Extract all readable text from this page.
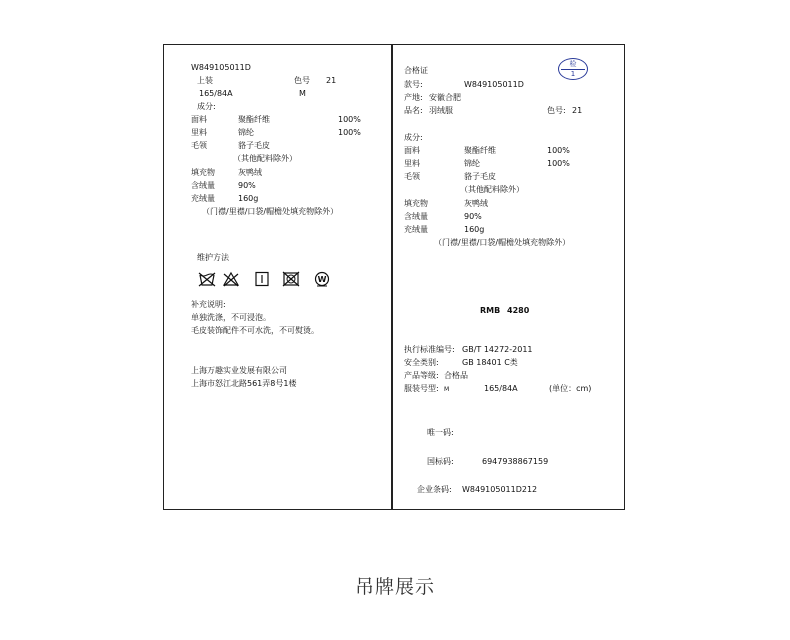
W849105011D
上装	色号 21
165/84A	M
成分:
面料	聚酯纤维	100%
里料	锦纶	100%
毛领	貉子毛皮
（其他配料除外）
填充物	灰鸭绒
含绒量	90%
充绒量	160g
（门襟/里襟/口袋/帽檐处填充物除外）
维护方法
W
补充说明:
单独洗涤，不可浸泡。
毛皮装饰配件不可水洗，不可熨烫。
上海万趣实业发展有限公司
上海市怒江北路561弄8号1楼
合格证
检
1
款号:	W849105011D
产地: 安徽合肥
品名: 羽绒服	色号: 21
成分:
面料	聚酯纤维	100%
里料	锦纶	100%
毛领	貉子毛皮
（其他配料除外）
填充物	灰鸭绒
含绒量	90%
充绒量	160g
（门襟/里襟/口袋/帽檐处填充物除外）
RMB 4280
执行标准编号: GB/T 14272-2011
安全类别:	GB 18401 C类
产品等级: 合格品
服装号型: M	165/84A	(单位：cm)
唯一码:
国标码:	6947938867159
企业条码: W849105011D212
吊牌展示
